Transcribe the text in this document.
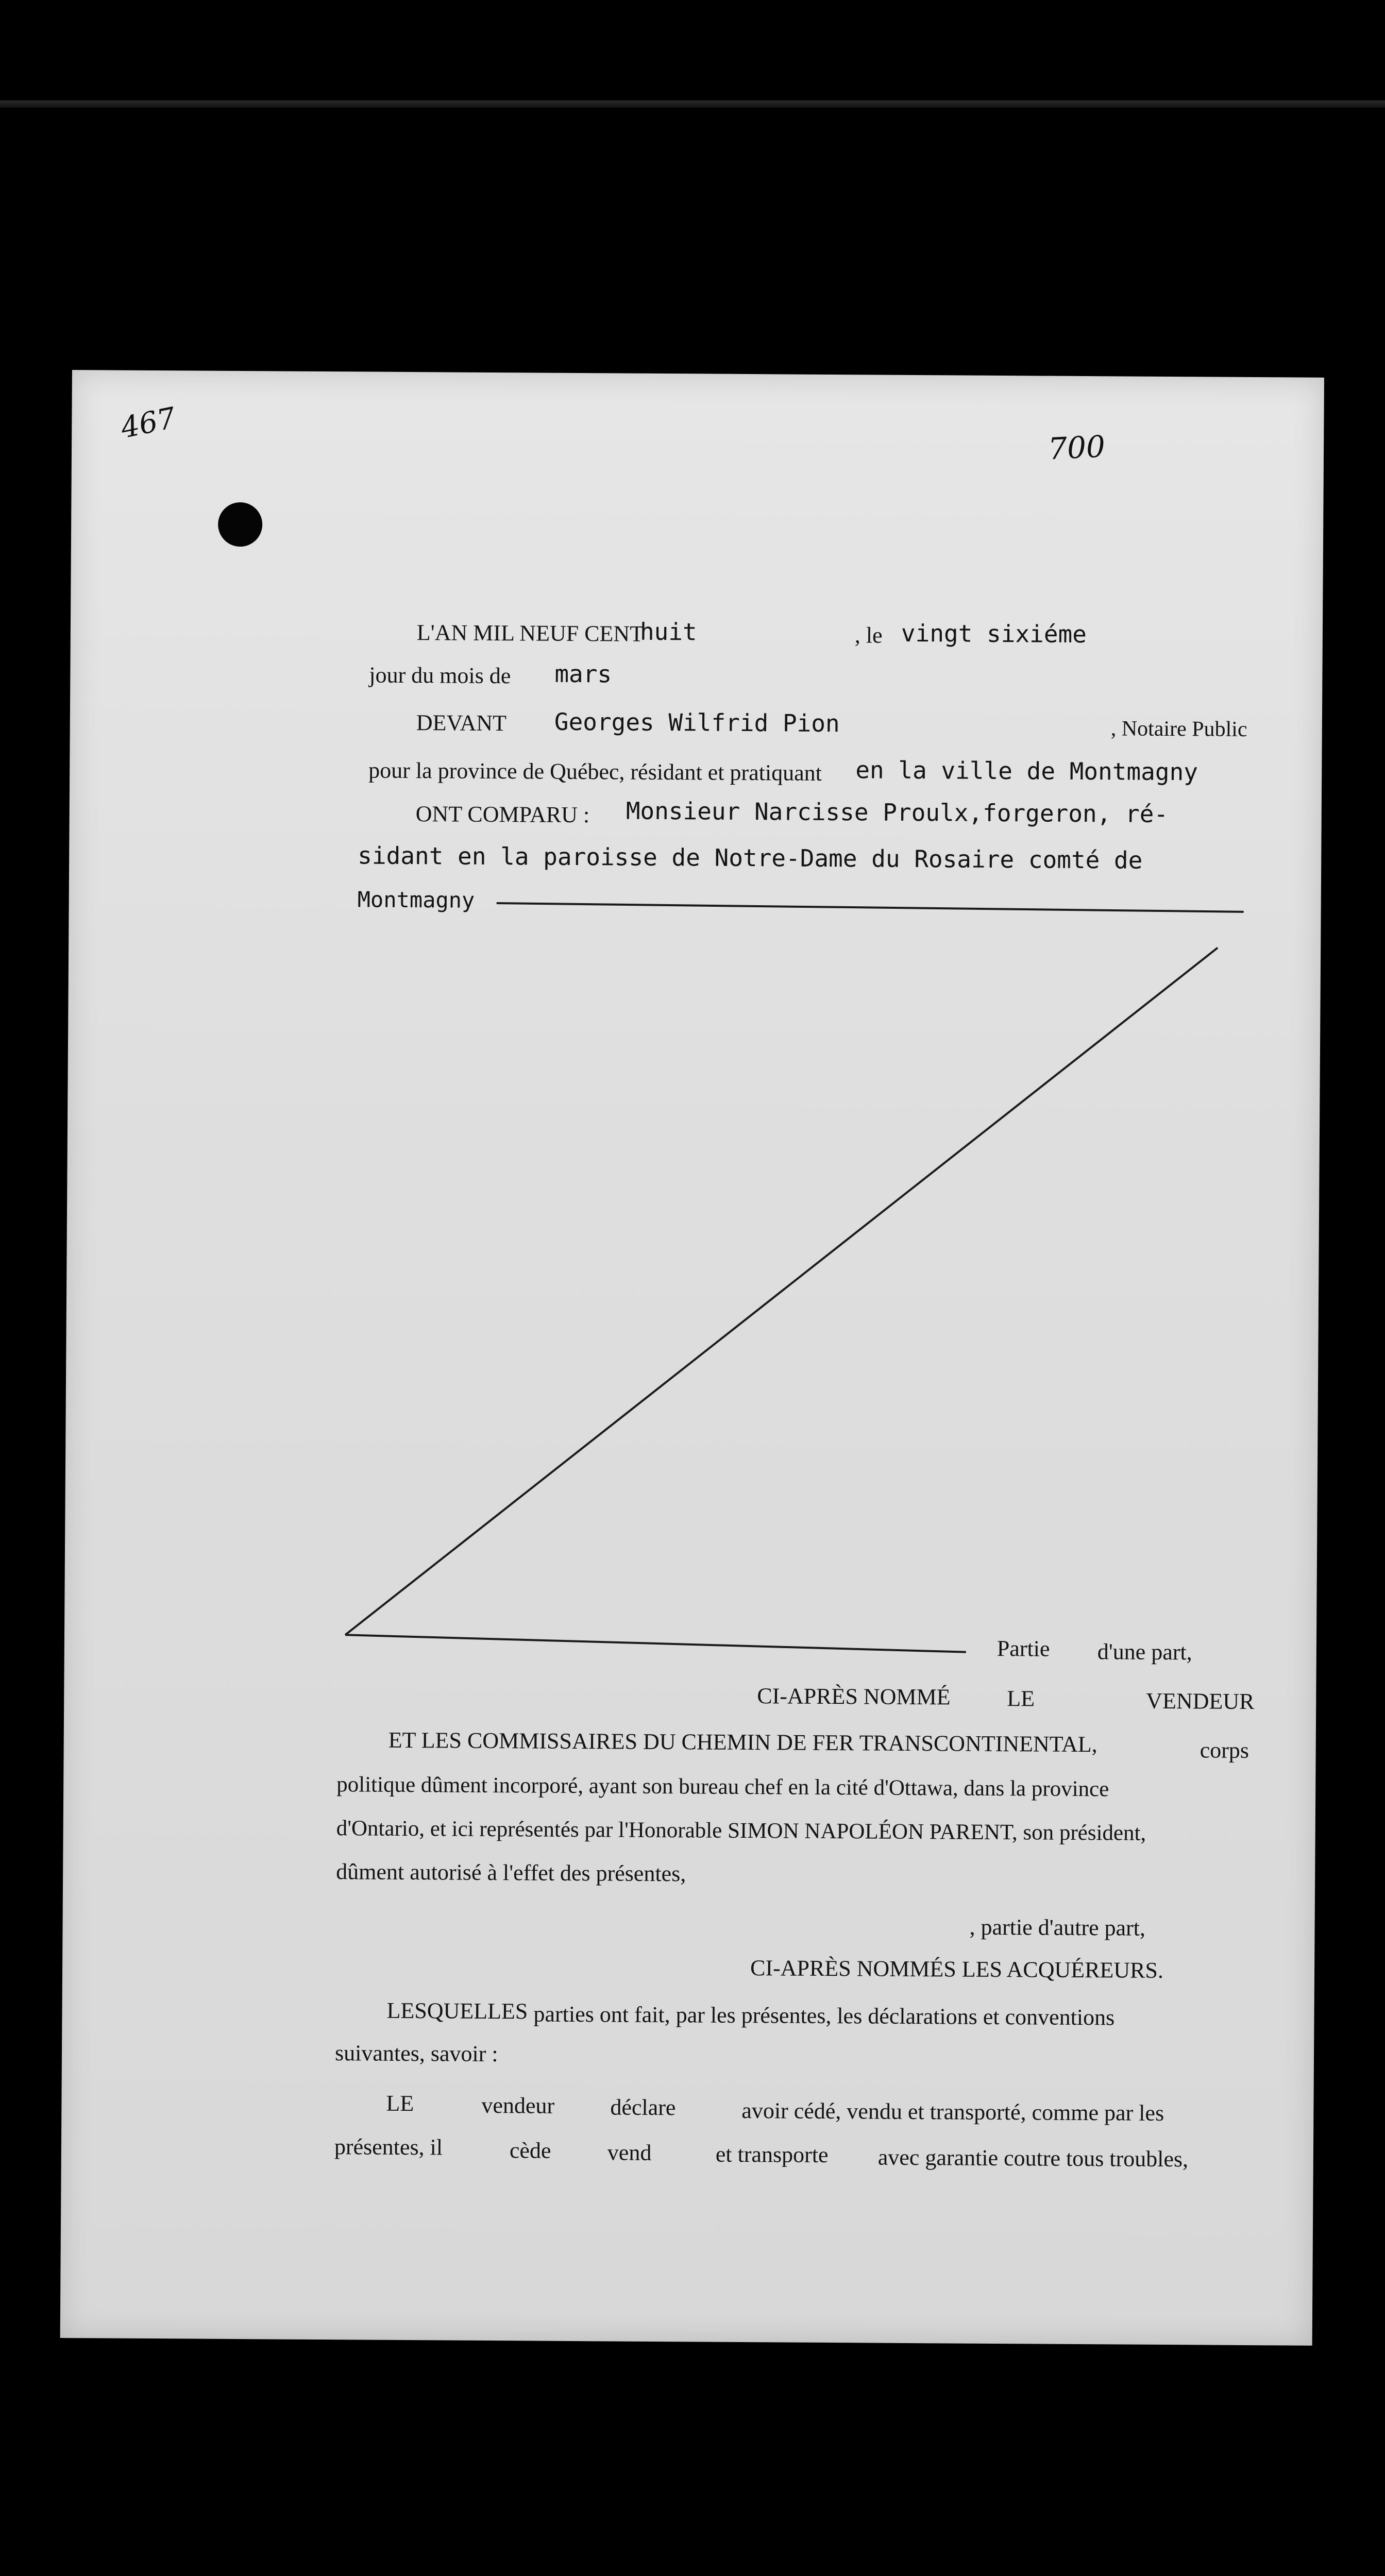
​
467
700
L'AN MIL NEUF CENT
huit	, le vingt sixiéme
jour du mois de mars
DEVANT Georges Wilfrid Pion	, Notaire Public
pour la province de Québec, résidant et pratiquant en la ville de Montmagny
ONT COMPARU : Monsieur Narcisse Proulx,forgeron, ré-
sidant en la paroisse de Notre-Dame du Rosaire comté de
Montmagny
Partie d'une part,
CI-APRÈS NOMMÉ LE	VENDEUR
ET LES COMMISSAIRES DU CHEMIN DE FER TRANSCONTINENTAL,	corps
politique dûment incorporé, ayant son bureau chef en la cité d'Ottawa, dans la province
d'Ontario, et ici représentés par l'Honorable SIMON NAPOLÉON PARENT, son président,
dûment autorisé à l'effet des présentes,
, partie d'autre part,
CI-APRÈS NOMMÉS LES ACQUÉREURS.
LESQUELLES parties ont fait, par les présentes, les déclarations et conventions
suivantes, savoir :
LE	vendeur déclare	avoir cédé, vendu et transporté, comme par les
présentes, il	cède vend	et transporte avec garantie coutre tous troubles,
